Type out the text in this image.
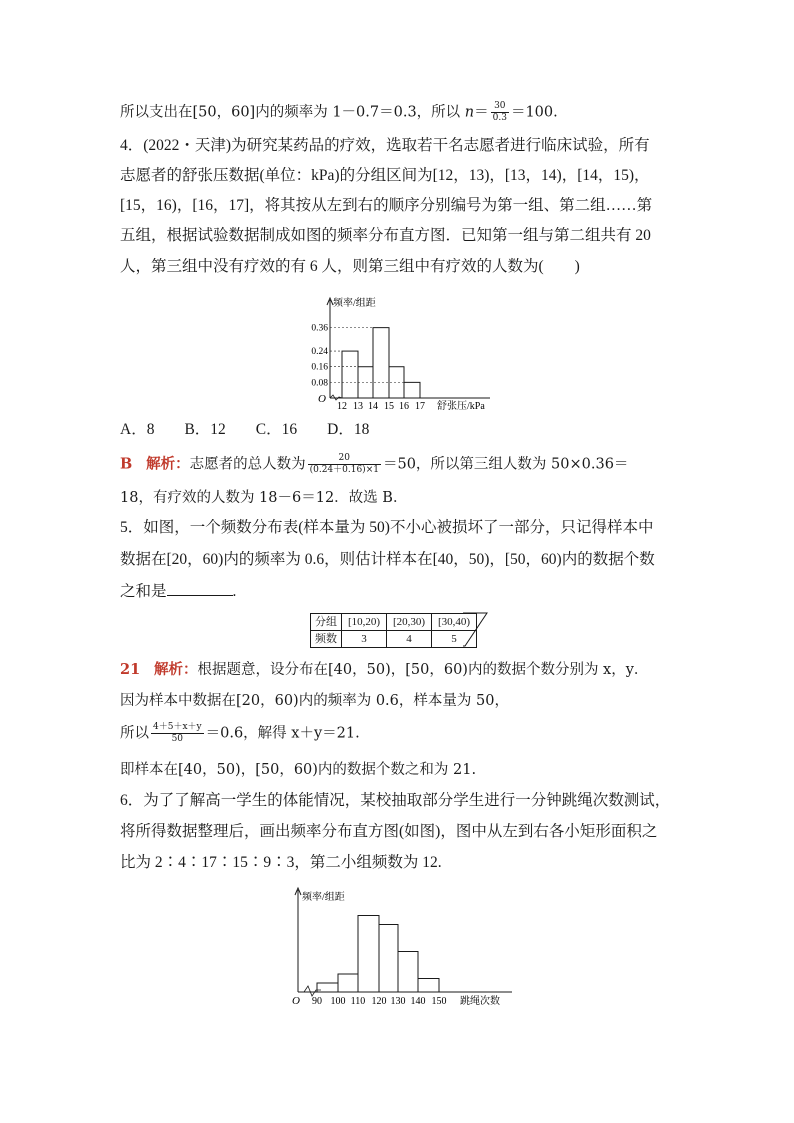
所以支出在[50，60]内的频率为 1－0.7＝0.3，所以 $n= \frac{30}{0.3} =100$.
4．(2022・天津)为研究某药品的疗效，选取若干名志愿者进行临床试验，所有
志愿者的舒张压数据(单位：kPa)的分组区间为[12，13)，[13，14)，[14，15)，
[15，16)，[16，17]，将其按从左到右的顺序分别编号为第一组、第二组……第
五组，根据试验数据制成如图的频率分布直方图．已知第一组与第二组共有 20
人，第三组中没有疗效的有 6 人，则第三组中有疗效的人数为(　　)
频率/组距
O
0.36
0.24
0.16
0.08
12 13 14 15 16 17 舒张压/kPa
A．8 B．12 C．16 D．18
B 解析：志愿者的总人数为 $\frac{20}{(0.24+0.16)\times 1} =50$，所以第三组人数为 50×0.36＝
18，有疗效的人数为 18－6＝12．故选 B．
5．如图，一个频数分布表(样本量为 50)不小心被损坏了一部分，只记得样本中
数据在[20，60)内的频率为 0.6，则估计样本在[40，50)，[50，60)内的数据个数
之和是	.
分组	[10,20)	[20,30)	[30,40)
频数	3	4	5
21 解析：根据题意，设分布在[40，50)，[50，60)内的数据个数分别为 x，y．
因为样本中数据在[20，60)内的频率为 0.6，样本量为 50，
所以 $\frac{4+5+x+y}{50} =0.6$，解得 x＋y＝21.
即样本在[40，50)，[50，60)内的数据个数之和为 21.
6．为了了解高一学生的体能情况，某校抽取部分学生进行一分钟跳绳次数测试，
将所得数据整理后，画出频率分布直方图(如图)，图中从左到右各小矩形面积之
比为 2∶4∶17∶15∶9∶3，第二小组频数为 12.
频率/组距
O 90 100 110 120 130 140 150 跳绳次数
